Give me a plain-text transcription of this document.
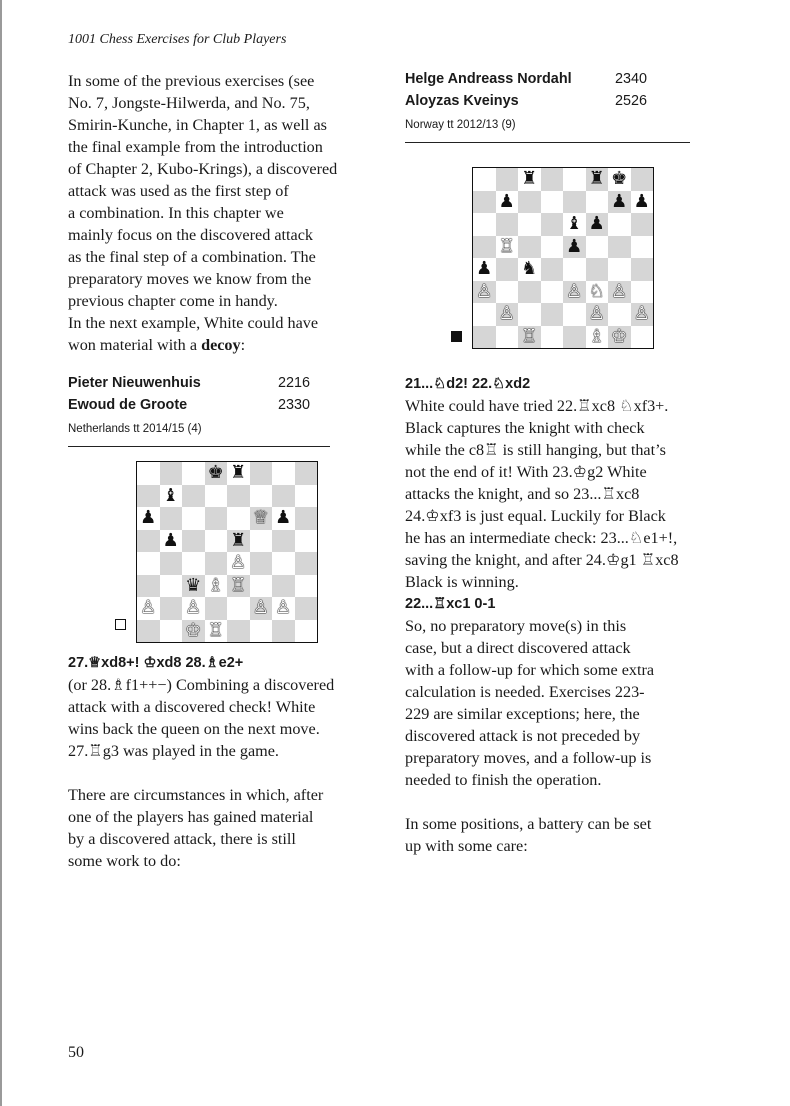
1001 Chess Exercises for Club Players
In some of the previous exercises (see
No. 7, Jongste-Hilwerda, and No. 75,
Smirin-Kunche, in Chapter 1, as well as
the final example from the introduction
of Chapter 2, Kubo-Krings), a discovered
attack was used as the first step of
a combination. In this chapter we
mainly focus on the discovered attack
as the final step of a combination. The
preparatory moves we know from the
previous chapter come in handy.
In the next example, White could have
won material with a decoy:
Pieter Nieuwenhuis	2216
Ewoud de Groote	2330
Netherlands tt 2014/15 (4)
♚ ♜
♝
♟	♕ ♟
♟	♜
♙
♛ ♗ ♖
♙ ♙	♙ ♙
♔ ♖
27.♕xd8+! ♔xd8 28.♗e2+
(or 28.♗f1++−) Combining a discovered
attack with a discovered check! White
wins back the queen on the next move.
27.♖g3 was played in the game.
There are circumstances in which, after
one of the players has gained material
by a discovered attack, there is still
some work to do:
Helge Andreass Nordahl	2340
Aloyzas Kveinys	2526
Norway tt 2012/13 (9)
♜	♜ ♚
♟	♟ ♟
♝ ♟
♖	♟
♟ ♞
♙	♙ ♘ ♙
♙	♙ ♙
♖	♗ ♔
21...♘d2! 22.♘xd2
White could have tried 22.♖xc8 ♘xf3+.
Black captures the knight with check
while the c8♖ is still hanging, but that’s
not the end of it! With 23.♔g2 White
attacks the knight, and so 23...♖xc8
24.♔xf3 is just equal. Luckily for Black
he has an intermediate check: 23...♘e1+!,
saving the knight, and after 24.♔g1 ♖xc8
Black is winning.
22...♖xc1 0-1
So, no preparatory move(s) in this
case, but a direct discovered attack
with a follow-up for which some extra
calculation is needed. Exercises 223-
229 are similar exceptions; here, the
discovered attack is not preceded by
preparatory moves, and a follow-up is
needed to finish the operation.
In some positions, a battery can be set
up with some care:
50
